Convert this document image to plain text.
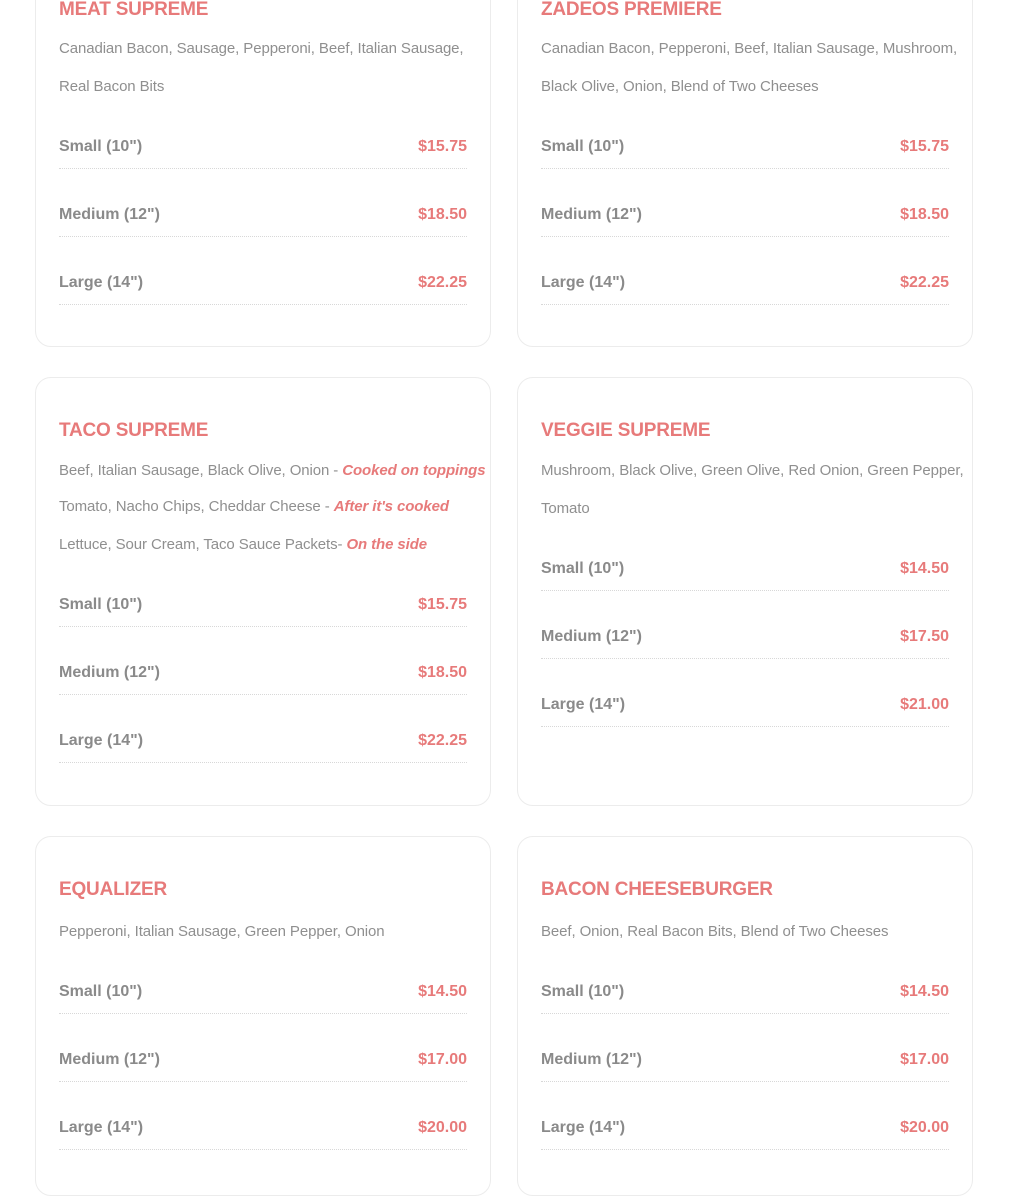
MEAT SUPREME
Canadian Bacon, Sausage, Pepperoni, Beef, Italian Sausage,
Real Bacon Bits
Small (10")	$15.75
Medium (12")	$18.50
Large (14")	$22.25
ZADEOS PREMIERE
Canadian Bacon, Pepperoni, Beef, Italian Sausage, Mushroom,
Black Olive, Onion, Blend of Two Cheeses
Small (10")	$15.75
Medium (12")	$18.50
Large (14")	$22.25
TACO SUPREME
Beef, Italian Sausage, Black Olive, Onion - Cooked on toppings
Tomato, Nacho Chips, Cheddar Cheese - After it's cooked
Lettuce, Sour Cream, Taco Sauce Packets- On the side
Small (10")	$15.75
Medium (12")	$18.50
Large (14")	$22.25
VEGGIE SUPREME
Mushroom, Black Olive, Green Olive, Red Onion, Green Pepper,
Tomato
Small (10")	$14.50
Medium (12")	$17.50
Large (14")	$21.00
EQUALIZER
Pepperoni, Italian Sausage, Green Pepper, Onion
Small (10")	$14.50
Medium (12")	$17.00
Large (14")	$20.00
BACON CHEESEBURGER
Beef, Onion, Real Bacon Bits, Blend of Two Cheeses
Small (10")	$14.50
Medium (12")	$17.00
Large (14")	$20.00
